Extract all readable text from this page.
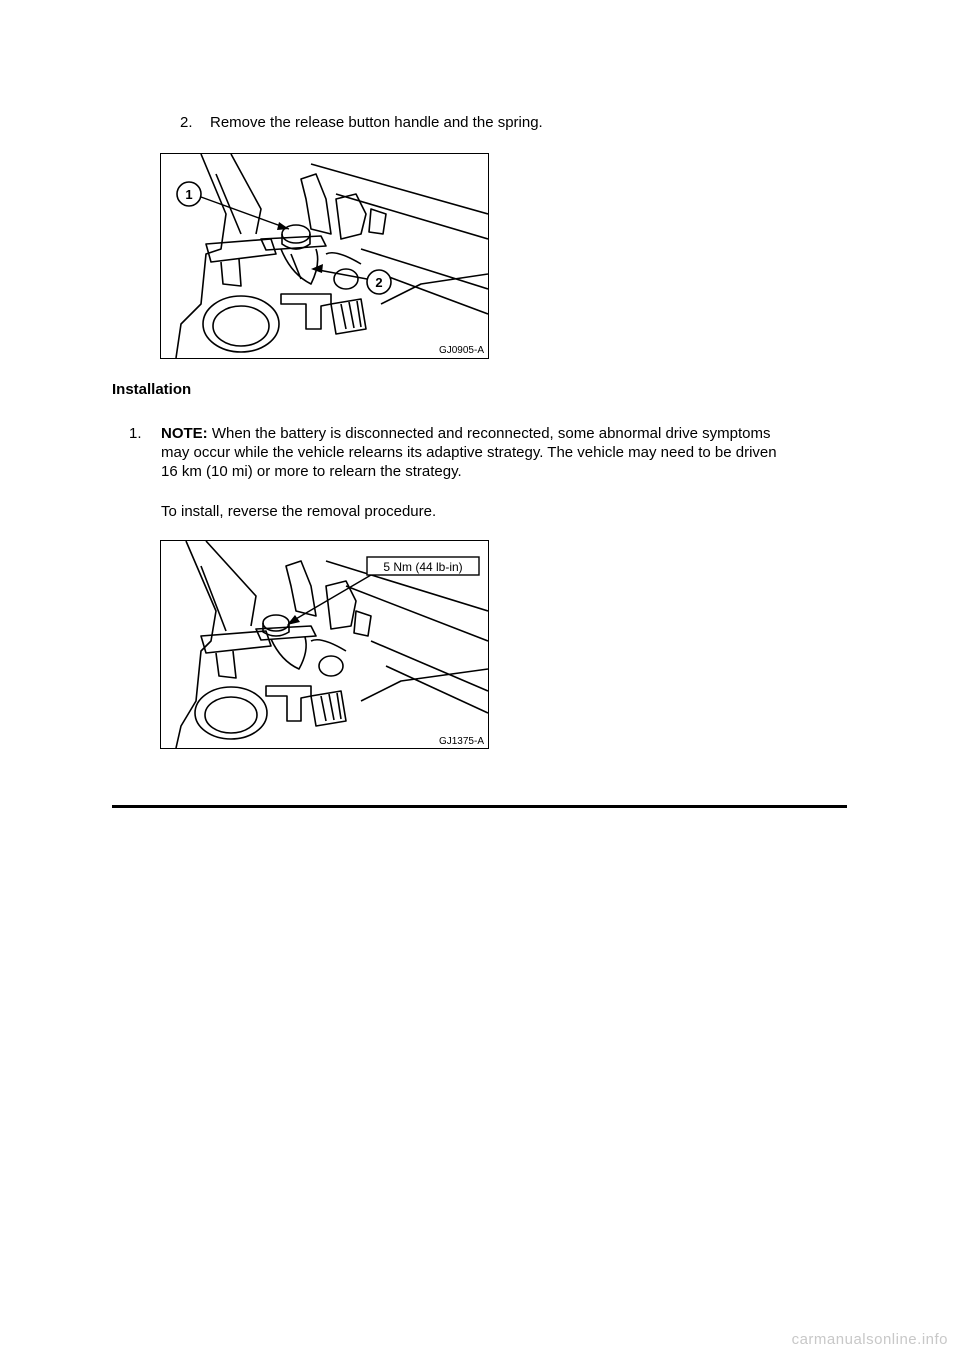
2. Remove the release button handle and the spring.
1
2
GJ0905-A
Installation
1. NOTE: When the battery is disconnected and reconnected, some abnormal drive symptoms
may occur while the vehicle relearns its adaptive strategy. The vehicle may need to be driven
16 km (10 mi) or more to relearn the strategy.
To install, reverse the removal procedure.
5 Nm (44 lb-in)
GJ1375-A
carmanualsonline.info
